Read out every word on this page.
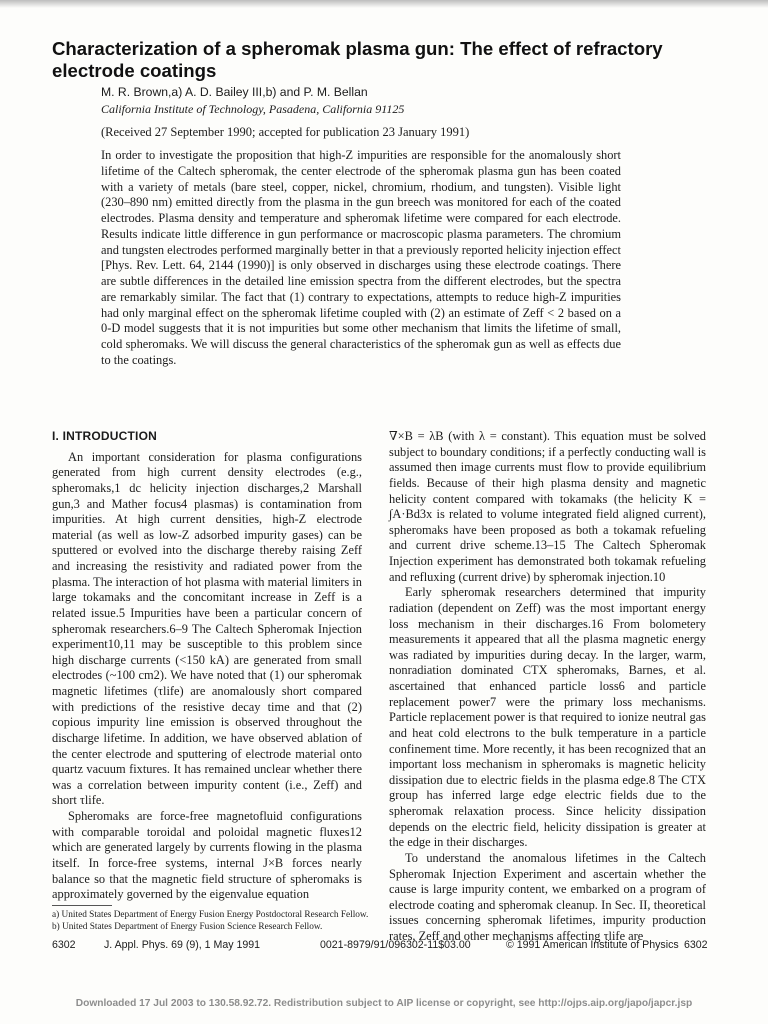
Characterization of a spheromak plasma gun: The effect of refractory electrode coatings
M. R. Brown,a) A. D. Bailey III,b) and P. M. Bellan
California Institute of Technology, Pasadena, California 91125
(Received 27 September 1990; accepted for publication 23 January 1991)

In order to investigate the proposition that high-Z impurities are responsible for the anomalously short lifetime of the Caltech spheromak, the center electrode of the spheromak plasma gun has been coated with a variety of metals (bare steel, copper, nickel, chromium, rhodium, and tungsten). Visible light (230–890 nm) emitted directly from the plasma in the gun breech was monitored for each of the coated electrodes. Plasma density and temperature and spheromak lifetime were compared for each electrode. Results indicate little difference in gun performance or macroscopic plasma parameters. The chromium and tungsten electrodes performed marginally better in that a previously reported helicity injection effect [Phys. Rev. Lett. 64, 2144 (1990)] is only observed in discharges using these electrode coatings. There are subtle differences in the detailed line emission spectra from the different electrodes, but the spectra are remarkably similar. The fact that (1) contrary to expectations, attempts to reduce high-Z impurities had only marginal effect on the spheromak lifetime coupled with (2) an estimate of Zeff < 2 based on a 0-D model suggests that it is not impurities but some other mechanism that limits the lifetime of small, cold spheromaks. We will discuss the general characteristics of the spheromak gun as well as effects due to the coatings.

I. INTRODUCTION

An important consideration for plasma configurations generated from high current density electrodes (e.g., spheromaks,1 dc helicity injection discharges,2 Marshall gun,3 and Mather focus4 plasmas) is contamination from impurities. At high current densities, high-Z electrode material (as well as low-Z adsorbed impurity gases) can be sputtered or evolved into the discharge thereby raising Zeff and increasing the resistivity and radiated power from the plasma. The interaction of hot plasma with material limiters in large tokamaks and the concomitant increase in Zeff is a related issue.5 Impurities have been a particular concern of spheromak researchers.6–9 The Caltech Spheromak Injection experiment10,11 may be susceptible to this problem since high discharge currents (<150 kA) are generated from small electrodes (~100 cm2). We have noted that (1) our spheromak magnetic lifetimes (τlife) are anomalously short compared with predictions of the resistive decay time and that (2) copious impurity line emission is observed throughout the discharge lifetime. In addition, we have observed ablation of the center electrode and sputtering of electrode material onto quartz vacuum fixtures. It has remained unclear whether there was a correlation between impurity content (i.e., Zeff) and short τlife.

Spheromaks are force-free magnetofluid configurations with comparable toroidal and poloidal magnetic fluxes12 which are generated largely by currents flowing in the plasma itself. In force-free systems, internal J×B forces nearly balance so that the magnetic field structure of spheromaks is approximately governed by the eigenvalue equation

∇×B = λB (with λ = constant). This equation must be solved subject to boundary conditions; if a perfectly conducting wall is assumed then image currents must flow to provide equilibrium fields. Because of their high plasma density and magnetic helicity content compared with tokamaks (the helicity K = ∫A·Bd3x is related to volume integrated field aligned current), spheromaks have been proposed as both a tokamak refueling and current drive scheme.13–15 The Caltech Spheromak Injection experiment has demonstrated both tokamak refueling and refluxing (current drive) by spheromak injection.10

Early spheromak researchers determined that impurity radiation (dependent on Zeff) was the most important energy loss mechanism in their discharges.16 From bolometery measurements it appeared that all the plasma magnetic energy was radiated by impurities during decay. In the larger, warm, nonradiation dominated CTX spheromaks, Barnes, et al. ascertained that enhanced particle loss6 and particle replacement power7 were the primary loss mechanisms. Particle replacement power is that required to ionize neutral gas and heat cold electrons to the bulk temperature in a particle confinement time. More recently, it has been recognized that an important loss mechanism in spheromaks is magnetic helicity dissipation due to electric fields in the plasma edge.8 The CTX group has inferred large edge electric fields due to the spheromak relaxation process. Since helicity dissipation depends on the electric field, helicity dissipation is greater at the edge in their discharges.

To understand the anomalous lifetimes in the Caltech Spheromak Injection Experiment and ascertain whether the cause is large impurity content, we embarked on a program of electrode coating and spheromak cleanup. In Sec. II, theoretical issues concerning spheromak lifetimes, impurity production rates, Zeff and other mechanisms affecting τlife are

a) United States Department of Energy Fusion Energy Postdoctoral Research Fellow.
b) United States Department of Energy Fusion Science Research Fellow.
6302	J. Appl. Phys. 69 (9), 1 May 1991	0021-8979/91/096302-11$03.00	© 1991 American Institute of Physics 6302
Downloaded 17 Jul 2003 to 130.58.92.72. Redistribution subject to AIP license or copyright, see http://ojps.aip.org/japo/japcr.jsp
